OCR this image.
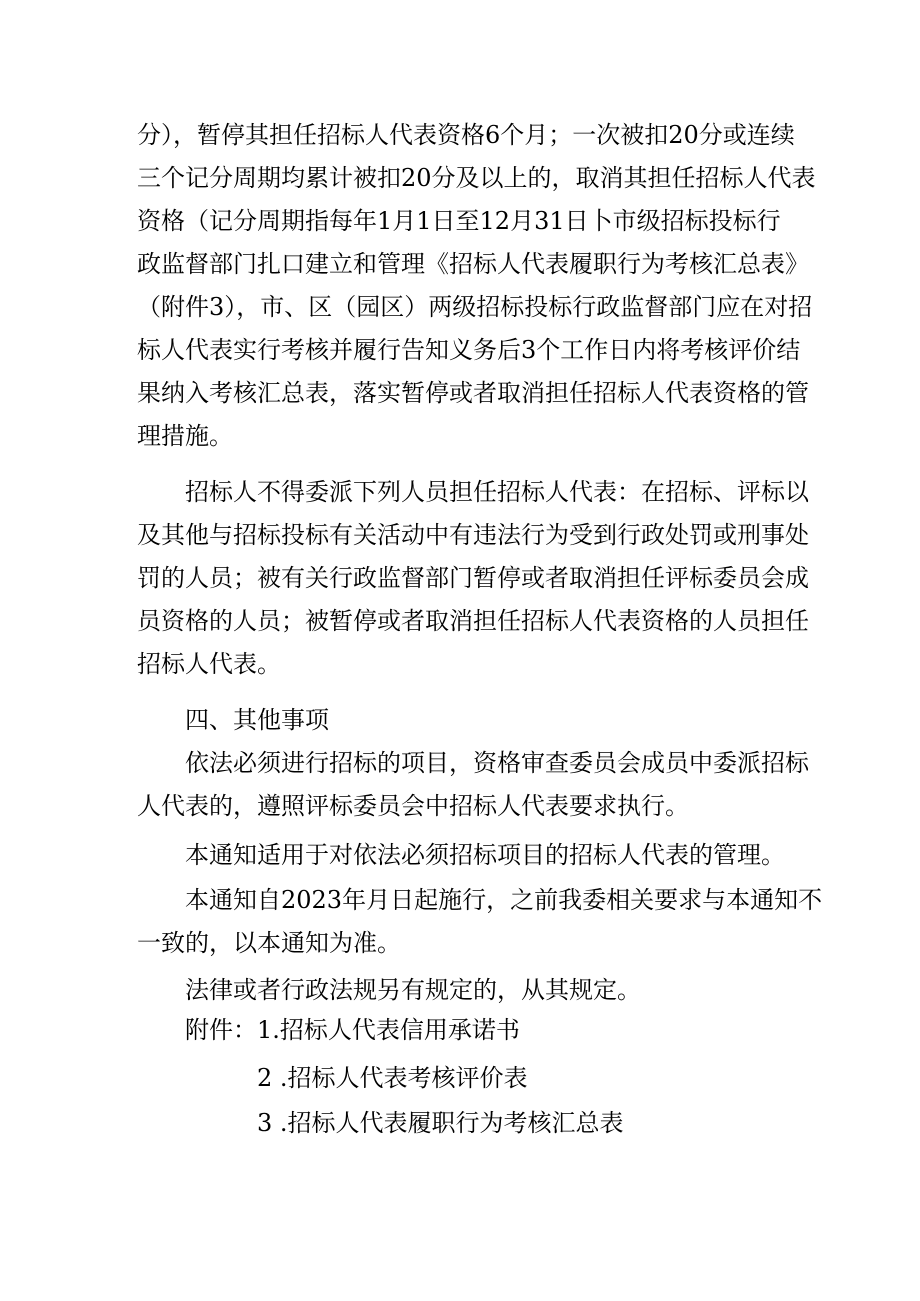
分），暂停其担任招标人代表资格6个月；一次被扣20分或连续
三个记分周期均累计被扣20分及以上的，取消其担任招标人代表
资格（记分周期指每年1月1日至12月31日卜市级招标投标行
政监督部门扎口建立和管理《招标人代表履职行为考核汇总表》
（附件3），市、区（园区）两级招标投标行政监督部门应在对招
标人代表实行考核并履行告知义务后3个工作日内将考核评价结
果纳入考核汇总表，落实暂停或者取消担任招标人代表资格的管
理措施。
招标人不得委派下列人员担任招标人代表：在招标、评标以
及其他与招标投标有关活动中有违法行为受到行政处罚或刑事处
罚的人员；被有关行政监督部门暂停或者取消担任评标委员会成
员资格的人员；被暂停或者取消担任招标人代表资格的人员担任
招标人代表。
四、其他事项
依法必须进行招标的项目，资格审查委员会成员中委派招标
人代表的，遵照评标委员会中招标人代表要求执行。
本通知适用于对依法必须招标项目的招标人代表的管理。
本通知自2023年月日起施行，之前我委相关要求与本通知不
一致的，以本通知为准。
法律或者行政法规另有规定的，从其规定。
附件：1.招标人代表信用承诺书
2 .招标人代表考核评价表
3 .招标人代表履职行为考核汇总表
